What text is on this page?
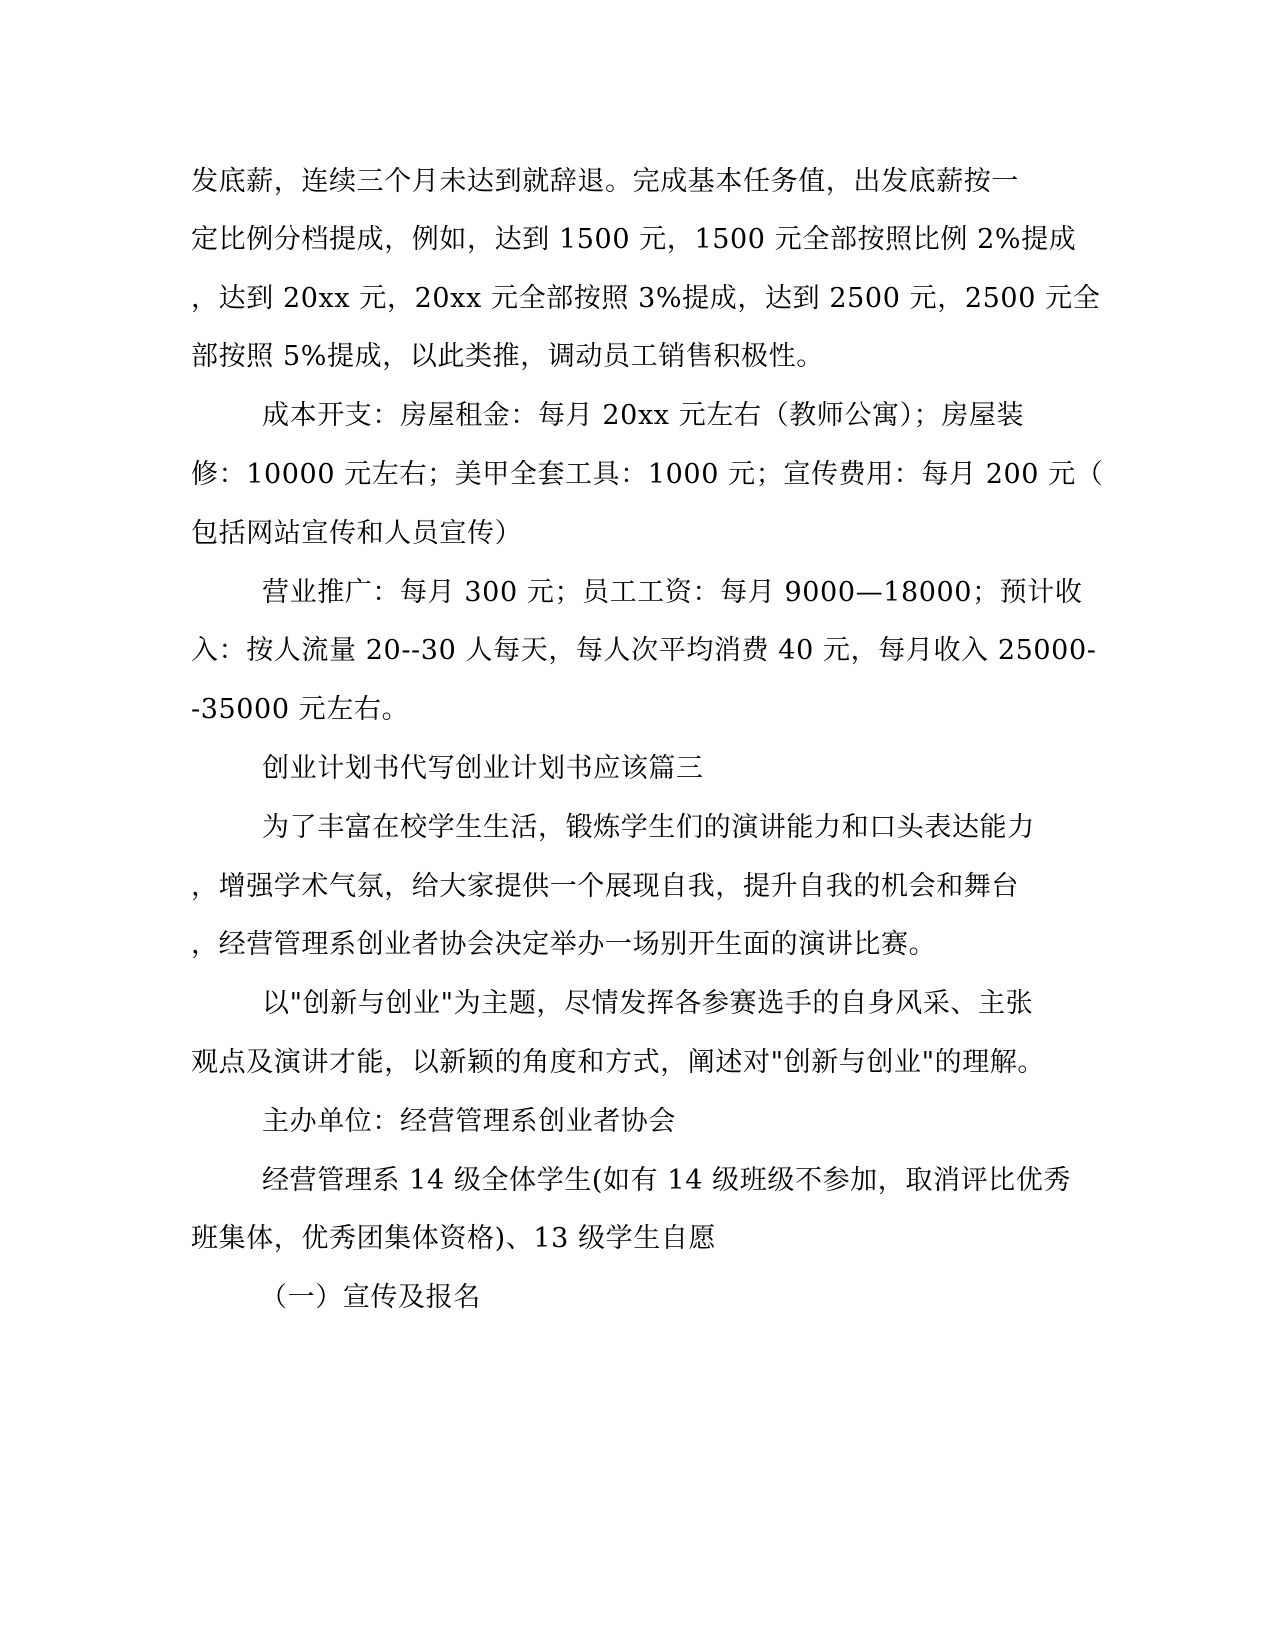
发底薪，连续三个月未达到就辞退。完成基本任务值，出发底薪按一
定比例分档提成，例如，达到 1500 元，1500 元全部按照比例 2%提成
，达到 20xx 元，20xx 元全部按照 3%提成，达到 2500 元，2500 元全
部按照 5%提成，以此类推，调动员工销售积极性。
成本开支：房屋租金：每月 20xx 元左右（教师公寓）；房屋装
修：10000 元左右；美甲全套工具：1000 元；宣传费用：每月 200 元（
包括网站宣传和人员宣传）
营业推广：每月 300 元；员工工资：每月 9000—18000；预计收
入：按人流量 20--30 人每天，每人次平均消费 40 元，每月收入 25000-
-35000 元左右。
创业计划书代写创业计划书应该篇三
为了丰富在校学生生活，锻炼学生们的演讲能力和口头表达能力
，增强学术气氛，给大家提供一个展现自我，提升自我的机会和舞台
，经营管理系创业者协会决定举办一场别开生面的演讲比赛。
以"创新与创业"为主题，尽情发挥各参赛选手的自身风采、主张
观点及演讲才能，以新颖的角度和方式，阐述对"创新与创业"的理解。
主办单位：经营管理系创业者协会
经营管理系 14 级全体学生(如有 14 级班级不参加，取消评比优秀
班集体，优秀团集体资格)、13 级学生自愿
（一）宣传及报名
